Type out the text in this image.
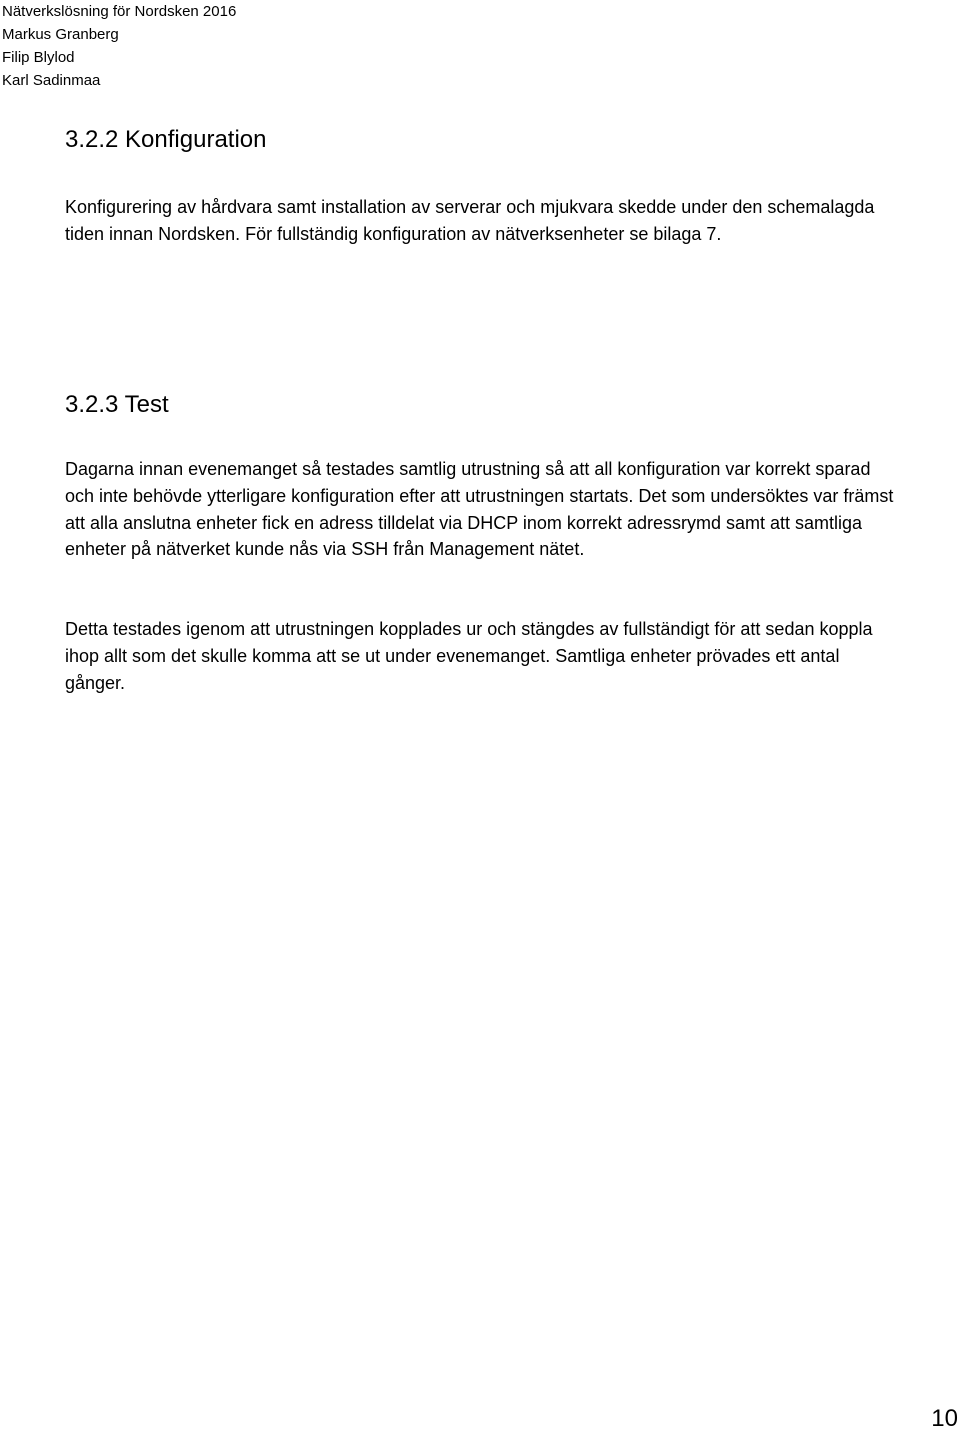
Nätverkslösning för Nordsken 2016
Markus Granberg
Filip Blylod
Karl Sadinmaa
3.2.2 Konfiguration

Konfigurering av hårdvara samt installation av serverar och mjukvara skedde under den schemalagda tiden innan Nordsken. För fullständig konfiguration av nätverksenheter se bilaga 7.

3.2.3 Test

Dagarna innan evenemanget så testades samtlig utrustning så att all konfiguration var korrekt sparad och inte behövde ytterligare konfiguration efter att utrustningen startats. Det som undersöktes var främst att alla anslutna enheter fick en adress tilldelat via DHCP inom korrekt adressrymd samt att samtliga enheter på nätverket kunde nås via SSH från Management nätet.

Detta testades igenom att utrustningen kopplades ur och stängdes av fullständigt för att sedan koppla ihop allt som det skulle komma att se ut under evenemanget. Samtliga enheter prövades ett antal gånger.

10
